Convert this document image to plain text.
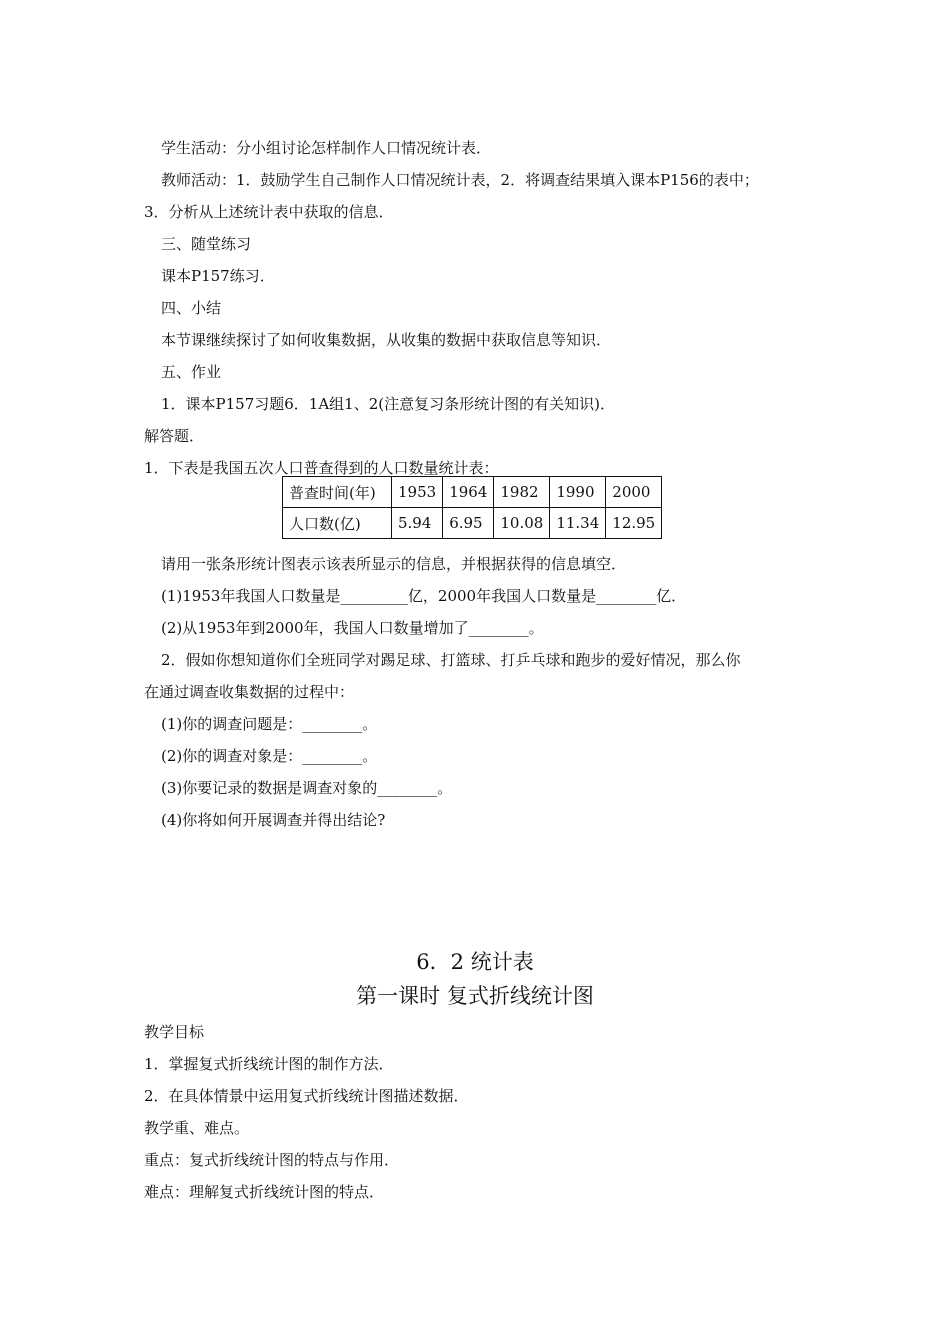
学生活动：分小组讨论怎样制作人口情况统计表．
教师活动：1．鼓励学生自己制作人口情况统计表，2．将调查结果填入课本P156的表中；
3．分析从上述统计表中获取的信息．
三、随堂练习
课本P157练习．
四、小结
本节课继续探讨了如何收集数据，从收集的数据中获取信息等知识．
五、作业
1．课本P157习题6．1A组1、2(注意复习条形统计图的有关知识)．
解答题．
1．下表是我国五次人口普查得到的人口数量统计表：
普查时间(年)	1953	1964	1982	1990	2000
人口数(亿)	5.94	6.95	10.08	11.34	12.95
请用一张条形统计图表示该表所显示的信息，并根据获得的信息填空．
(1)1953年我国人口数量是_________亿，2000年我国人口数量是________亿．
(2)从1953年到2000年，我国人口数量增加了________。
2．假如你想知道你们全班同学对踢足球、打篮球、打乒乓球和跑步的爱好情况，那么你
在通过调查收集数据的过程中：
(1)你的调查问题是：________。
(2)你的调查对象是：________。
(3)你要记录的数据是调查对象的________。
(4)你将如何开展调查并得出结论?
6．2 统计表
第一课时 复式折线统计图
教学目标
1．掌握复式折线统计图的制作方法．
2．在具体情景中运用复式折线统计图描述数据．
教学重、难点。
重点：复式折线统计图的特点与作用．
难点：理解复式折线统计图的特点．
